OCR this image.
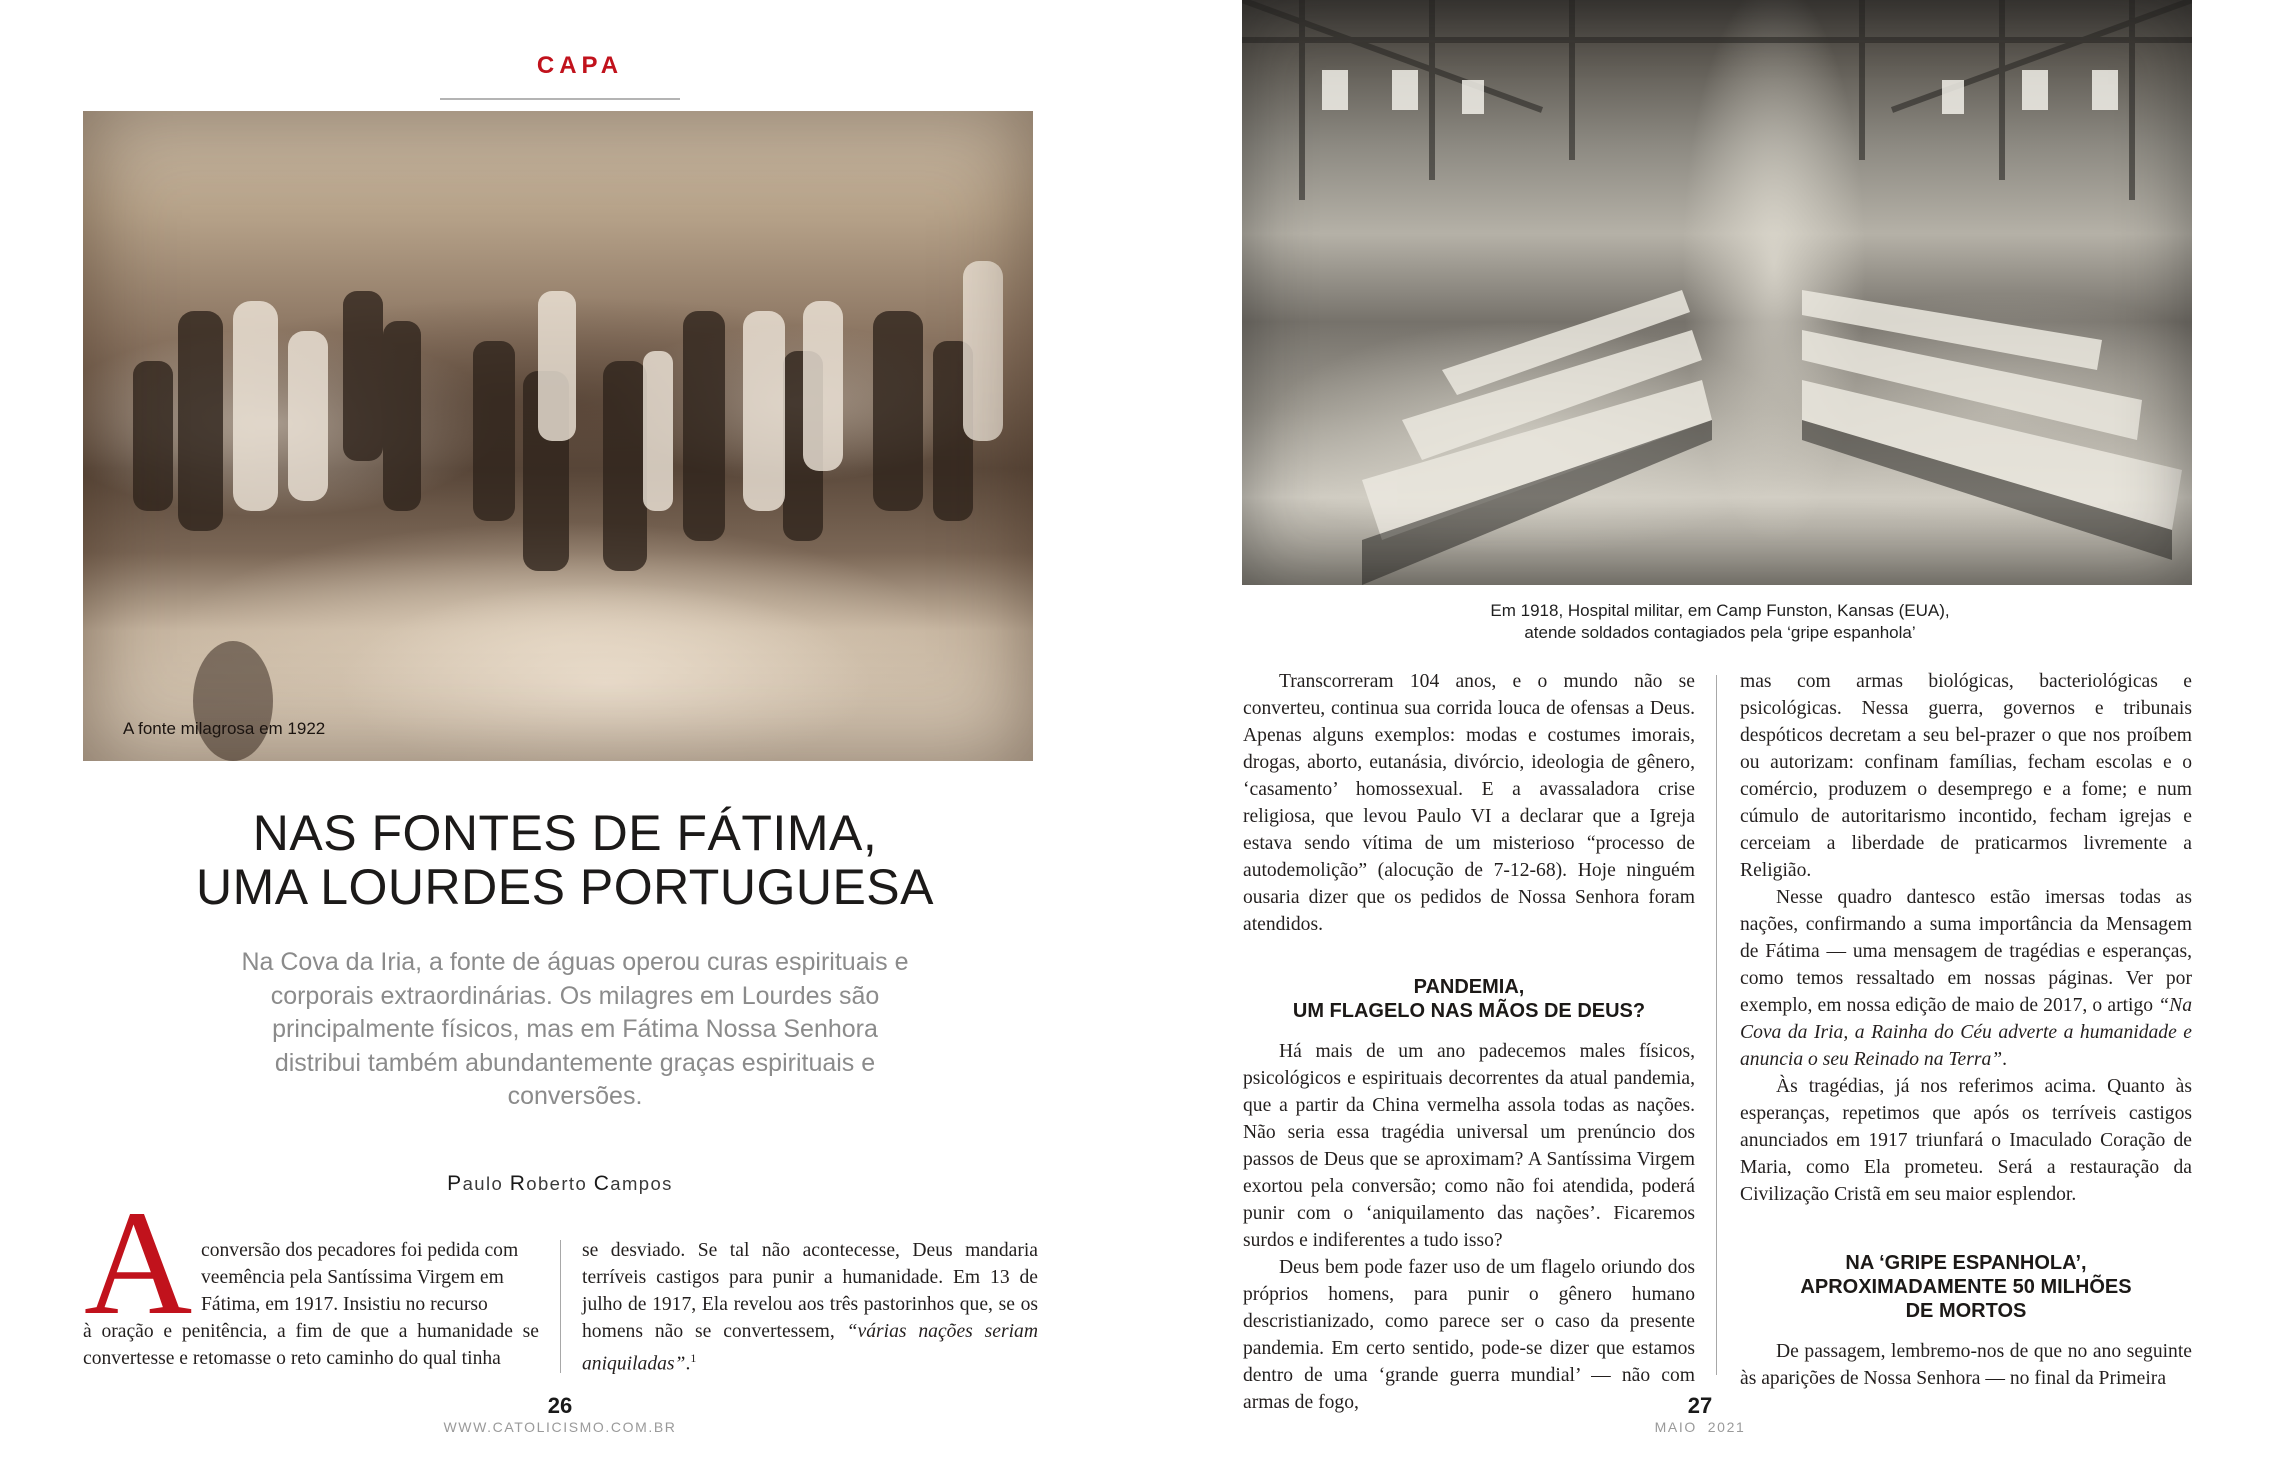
CAPA
A fonte milagrosa em 1922
NAS FONTES DE FÁTIMA,
UMA LOURDES PORTUGUESA
Na Cova da Iria, a fonte de águas operou curas espirituais e corporais extraordinárias. Os milagres em Lourdes são principalmente físicos, mas em Fátima Nossa Senhora distribui também abundantemente graças espirituais e conversões.
Paulo Roberto Campos
A conversão dos pecadores foi pedida com
veemência pela Santíssima Virgem em
Fátima, em 1917. Insistiu no recurso

à oração e penitência, a fim de que a humanidade se convertesse e retomasse o reto caminho do qual tinha

se desviado. Se tal não acontecesse, Deus mandaria terríveis castigos para punir a humanidade. Em 13 de julho de 1917, Ela revelou aos três pastorinhos que, se os homens não se convertessem, “várias nações seriam aniquiladas”.$^1$

26
WWW.CATOLICISMO.COM.BR
Em 1918, Hospital militar, em Camp Funston, Kansas (EUA),
atende soldados contagiados pela ‘gripe espanhola’

Transcorreram 104 anos, e o mundo não se converteu, continua sua corrida louca de ofensas a Deus. Apenas alguns exemplos: modas e costumes imorais, drogas, aborto, eutanásia, divórcio, ideologia de gênero, ‘casamento’ homossexual. E a avassaladora crise religiosa, que levou Paulo VI a declarar que a Igreja estava sendo vítima de um misterioso “processo de autodemolição” (alocução de 7-12-68). Hoje ninguém ousaria dizer que os pedidos de Nossa Senhora foram atendidos.

PANDEMIA,
UM FLAGELO NAS MÃOS DE DEUS?

Há mais de um ano padecemos males físicos, psicológicos e espirituais decorrentes da atual pandemia, que a partir da China vermelha assola todas as nações. Não seria essa tragédia universal um prenúncio dos passos de Deus que se aproximam? A Santíssima Virgem exortou pela conversão; como não foi atendida, poderá punir com o ‘aniquilamento das nações’. Ficaremos surdos e indiferentes a tudo isso?

Deus bem pode fazer uso de um flagelo oriundo dos próprios homens, para punir o gênero humano descristianizado, como parece ser o caso da presente pandemia. Em certo sentido, pode-se dizer que estamos dentro de uma ‘grande guerra mundial’ — não com armas de fogo,

mas com armas biológicas, bacteriológicas e psicológicas. Nessa guerra, governos e tribunais despóticos decretam a seu bel-prazer o que nos proíbem ou autorizam: confinam famílias, fecham escolas e o comércio, produzem o desemprego e a fome; e num cúmulo de autoritarismo incontido, fecham igrejas e cerceiam a liberdade de praticarmos livremente a Religião.

Nesse quadro dantesco estão imersas todas as nações, confirmando a suma importância da Mensagem de Fátima — uma mensagem de tragédias e esperanças, como temos ressaltado em nossas páginas. Ver por exemplo, em nossa edição de maio de 2017, o artigo “Na Cova da Iria, a Rainha do Céu adverte a humanidade e anuncia o seu Reinado na Terra”.

Às tragédias, já nos referimos acima. Quanto às esperanças, repetimos que após os terríveis castigos anunciados em 1917 triunfará o Imaculado Coração de Maria, como Ela prometeu. Será a restauração da Civilização Cristã em seu maior esplendor.

NA ‘GRIPE ESPANHOLA’,
APROXIMADAMENTE 50 MILHÕES
DE MORTOS

De passagem, lembremo-nos de que no ano seguinte às aparições de Nossa Senhora — no final da Primeira

27
MAIO  2021
